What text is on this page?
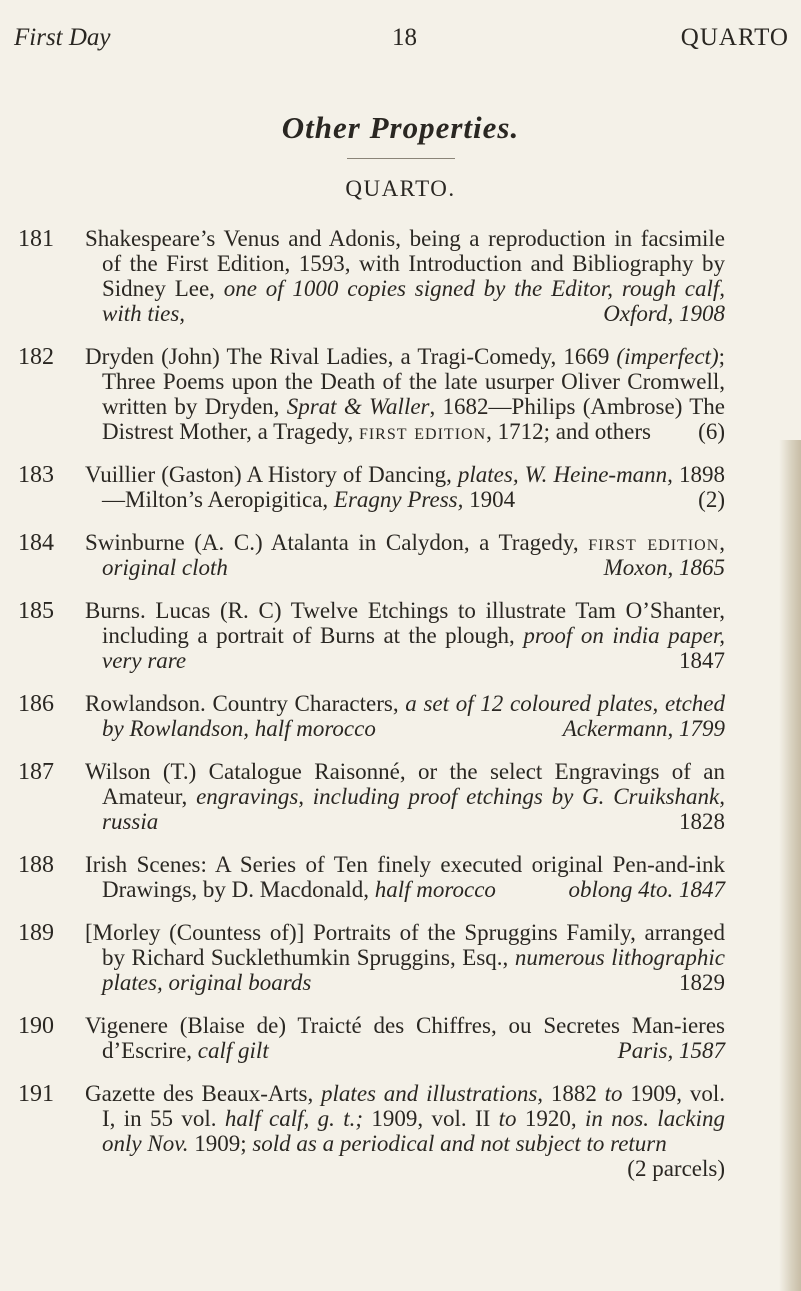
First Day	18	QUARTO
Other Properties.
QUARTO.
181 Shakespeare’s Venus and Adonis, being a reproduction in facsimile of the First Edition, 1593, with Introduction and Bibliography by Sidney Lee, one of 1000 copies signed by the Editor, rough calf, with ties,	Oxford, 1908
182 Dryden (John) The Rival Ladies, a Tragi-Comedy, 1669 (imperfect); Three Poems upon the Death of the late usurper Oliver Cromwell, written by Dryden, Sprat & Waller, 1682—Philips (Ambrose) The Distrest Mother, a Tragedy, first edition, 1712; and others (6)
183 Vuillier (Gaston) A History of Dancing, plates, W. Heine-mann, 1898—Milton’s Aeropigitica, Eragny Press, 1904	(2)
184 Swinburne (A. C.) Atalanta in Calydon, a Tragedy, first edition, original cloth	Moxon, 1865
185 Burns. Lucas (R. C) Twelve Etchings to illustrate Tam O’Shanter, including a portrait of Burns at the plough, proof on india paper, very rare	1847
186 Rowlandson. Country Characters, a set of 12 coloured plates, etched by Rowlandson, half morocco	Ackermann, 1799
187 Wilson (T.) Catalogue Raisonné, or the select Engravings of an Amateur, engravings, including proof etchings by G. Cruikshank, russia	1828
188 Irish Scenes: A Series of Ten finely executed original Pen-and-ink Drawings, by D. Macdonald, half morocco	oblong 4to. 1847
189 [Morley (Countess of)] Portraits of the Spruggins Family, arranged by Richard Sucklethumkin Spruggins, Esq., numerous lithographic plates, original boards	1829
190 Vigenere (Blaise de) Traicté des Chiffres, ou Secretes Man-ieres d’Escrire, calf gilt	Paris, 1587
191 Gazette des Beaux-Arts, plates and illustrations, 1882 to 1909, vol. I, in 55 vol. half calf, g. t.; 1909, vol. II to 1920, in nos. lacking only Nov. 1909; sold as a periodical and not subject to return
(2 parcels)
